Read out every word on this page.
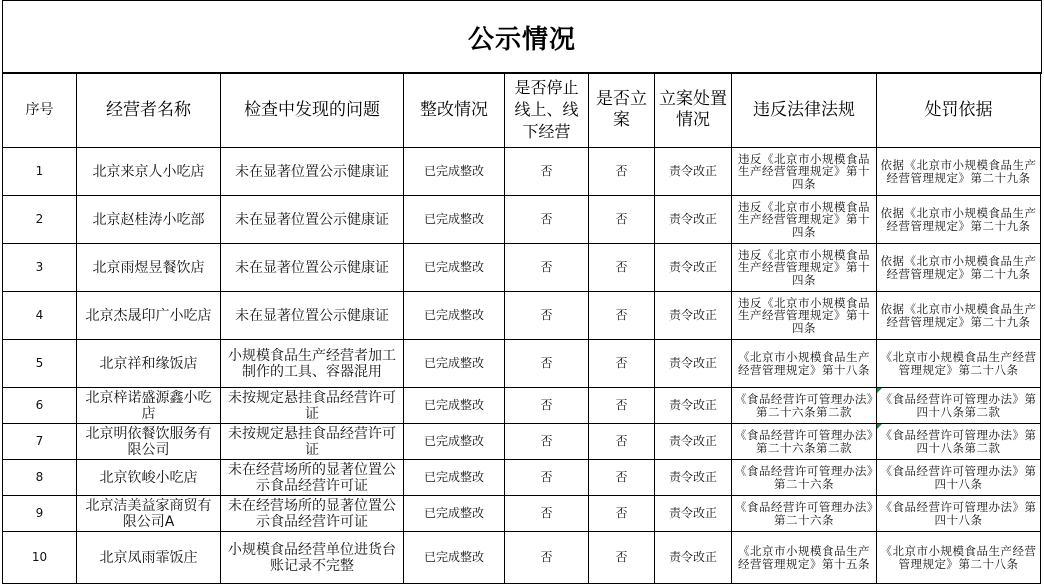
公示情况
序号	经营者名称	检查中发现的问题	整改情况	是否停止线上、线下经营	是否立案	立案处置情况	违反法律法规	处罚依据
1	北京来京人小吃店	未在显著位置公示健康证	已完成整改	否	否	责令改正	违反《北京市小规模食品生产经营管理规定》第十四条	依据《北京市小规模食品生产经营管理规定》第二十九条
2	北京赵桂涛小吃部	未在显著位置公示健康证	已完成整改	否	否	责令改正	违反《北京市小规模食品生产经营管理规定》第十四条	依据《北京市小规模食品生产经营管理规定》第二十九条
3	北京雨煜昱餐饮店	未在显著位置公示健康证	已完成整改	否	否	责令改正	违反《北京市小规模食品生产经营管理规定》第十四条	依据《北京市小规模食品生产经营管理规定》第二十九条
4	北京杰晟印广小吃店	未在显著位置公示健康证	已完成整改	否	否	责令改正	违反《北京市小规模食品生产经营管理规定》第十四条	依据《北京市小规模食品生产经营管理规定》第二十九条
5	北京祥和缘饭店	小规模食品生产经营者加工制作的工具、容器混用	已完成整改	否	否	责令改正	《北京市小规模食品生产经营管理规定》第十八条	《北京市小规模食品生产经营管理规定》第二十八条
6	北京梓诺盛源鑫小吃店	未按规定悬挂食品经营许可证	已完成整改	否	否	责令改正	《食品经营许可管理办法》第二十六条第二款	《食品经营许可管理办法》第四十八条第二款
7	北京明依餐饮服务有限公司	未按规定悬挂食品经营许可证	已完成整改	否	否	责令改正	《食品经营许可管理办法》第二十六条第二款	《食品经营许可管理办法》第四十八条第二款
8	北京钦峻小吃店	未在经营场所的显著位置公示食品经营许可证	已完成整改	否	否	责令改正	《食品经营许可管理办法》第二十六条	《食品经营许可管理办法》第四十八条
9	北京洁美益家商贸有限公司A	未在经营场所的显著位置公示食品经营许可证	已完成整改	否	否	责令改正	《食品经营许可管理办法》第二十六条	《食品经营许可管理办法》第四十八条
10	北京凤雨霏饭庄	小规模食品经营单位进货台账记录不完整	已完成整改	否	否	责令改正	《北京市小规模食品生产经营管理规定》第十五条	《北京市小规模食品生产经营管理规定》第二十八条
